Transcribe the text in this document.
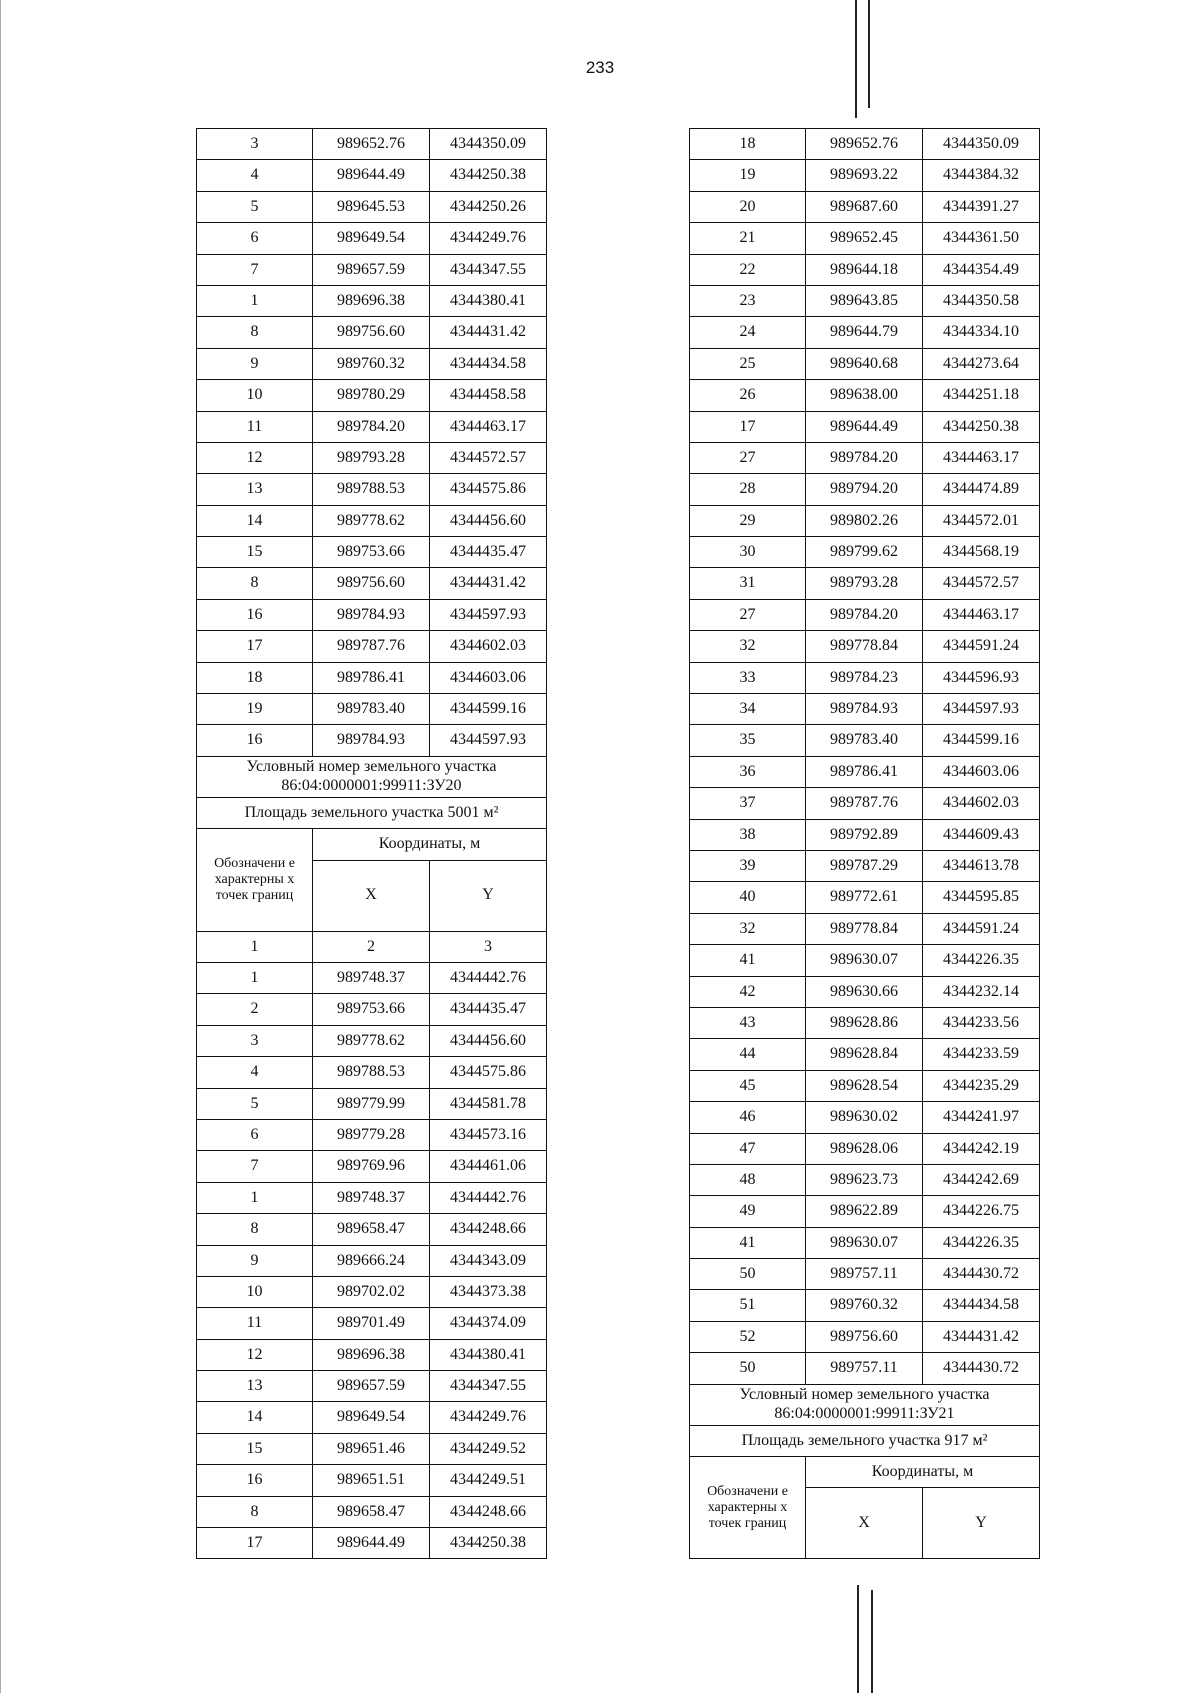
233
3	989652.76	4344350.09
4	989644.49	4344250.38
5	989645.53	4344250.26
6	989649.54	4344249.76
7	989657.59	4344347.55
1	989696.38	4344380.41
8	989756.60	4344431.42
9	989760.32	4344434.58
10	989780.29	4344458.58
11	989784.20	4344463.17
12	989793.28	4344572.57
13	989788.53	4344575.86
14	989778.62	4344456.60
15	989753.66	4344435.47
8	989756.60	4344431.42
16	989784.93	4344597.93
17	989787.76	4344602.03
18	989786.41	4344603.06
19	989783.40	4344599.16
16	989784.93	4344597.93
Условный номер земельного участка 86:04:0000001:99911:ЗУ20		
Площадь земельного участка 5001 м²		
Обозначени е характерны х точек границ	Координаты, м	
	X	Y
1	2	3
1	989748.37	4344442.76
2	989753.66	4344435.47
3	989778.62	4344456.60
4	989788.53	4344575.86
5	989779.99	4344581.78
6	989779.28	4344573.16
7	989769.96	4344461.06
1	989748.37	4344442.76
8	989658.47	4344248.66
9	989666.24	4344343.09
10	989702.02	4344373.38
11	989701.49	4344374.09
12	989696.38	4344380.41
13	989657.59	4344347.55
14	989649.54	4344249.76
15	989651.46	4344249.52
16	989651.51	4344249.51
8	989658.47	4344248.66
17	989644.49	4344250.38
18	989652.76	4344350.09
19	989693.22	4344384.32
20	989687.60	4344391.27
21	989652.45	4344361.50
22	989644.18	4344354.49
23	989643.85	4344350.58
24	989644.79	4344334.10
25	989640.68	4344273.64
26	989638.00	4344251.18
17	989644.49	4344250.38
27	989784.20	4344463.17
28	989794.20	4344474.89
29	989802.26	4344572.01
30	989799.62	4344568.19
31	989793.28	4344572.57
27	989784.20	4344463.17
32	989778.84	4344591.24
33	989784.23	4344596.93
34	989784.93	4344597.93
35	989783.40	4344599.16
36	989786.41	4344603.06
37	989787.76	4344602.03
38	989792.89	4344609.43
39	989787.29	4344613.78
40	989772.61	4344595.85
32	989778.84	4344591.24
41	989630.07	4344226.35
42	989630.66	4344232.14
43	989628.86	4344233.56
44	989628.84	4344233.59
45	989628.54	4344235.29
46	989630.02	4344241.97
47	989628.06	4344242.19
48	989623.73	4344242.69
49	989622.89	4344226.75
41	989630.07	4344226.35
50	989757.11	4344430.72
51	989760.32	4344434.58
52	989756.60	4344431.42
50	989757.11	4344430.72
Условный номер земельного участка 86:04:0000001:99911:ЗУ21		
Площадь земельного участка 917 м²		
Обозначени е характерны х точек границ	Координаты, м	
	X	Y
